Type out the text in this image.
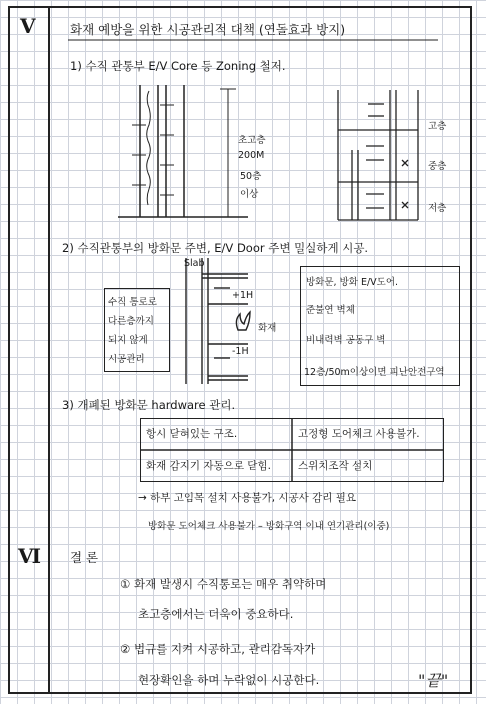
Ⅴ	화재 예방을 위한 시공관리적 대책 (연돌효과 방지)
1) 수직 관통부 E/V Core 등 Zoning 철저.
초고층
200M
50층
이상
고층
중층
저층
2) 수직관통부의 방화문 주변, E/V Door 주변 밀실하게 시공.
수직 통로로
다른층까지
되지 않게
시공관리
Slab
+1H
화재
-1H
방화문, 방화 E/V도어.
준불연 벽체
비내력벽 공동구 벽
12층/50m이상이면 피난안전구역
3) 개폐된 방화문 hardware 관리.
항시 닫혀있는 구조.	고정형 도어체크 사용불가.
화재 감지기 자동으로 닫힘.	스위치조작 설치
→ 하부 고임목 설치 사용불가, 시공사 감리 필요
방화문 도어체크 사용불가 – 방화구역 이내 연기관리(이중)
Ⅵ 결 론
① 화재 발생시 수직통로는 매우 취약하며
초고층에서는 더욱이 중요하다.
② 법규를 지켜 시공하고, 관리감독자가
현장확인을 하며 누락없이 시공한다.	"끝"
